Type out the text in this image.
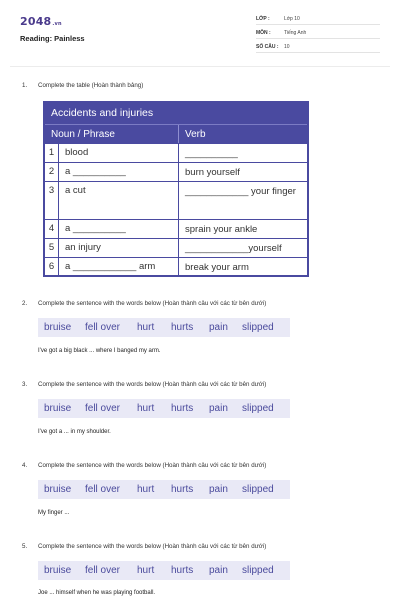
2048.vn
Reading: Painless
LỚP :	Lớp 10
MÔN :	Tiếng Anh
SỐ CÂU : 10
1. Complete the table (Hoàn thành bảng)
Accidents and injuries
Noun / Phrase	Verb
1	blood	__________
2	a __________	burn yourself
3	a cut	____________ your finger
4	a __________	sprain your ankle
5	an injury	____________yourself
6	a ____________ arm	break your arm
2. Complete the sentence with the words below (Hoàn thành câu với các từ bên dưới)
bruise fell over hurt hurts pain slipped
I've got a big black ... where I banged my arm.
3. Complete the sentence with the words below (Hoàn thành câu với các từ bên dưới)
bruise fell over hurt hurts pain slipped
I've got a ... in my shoulder.
4. Complete the sentence with the words below (Hoàn thành câu với các từ bên dưới)
bruise fell over hurt hurts pain slipped
My finger ...
5. Complete the sentence with the words below (Hoàn thành câu với các từ bên dưới)
bruise fell over hurt hurts pain slipped
Joe ... himself when he was playing football.
